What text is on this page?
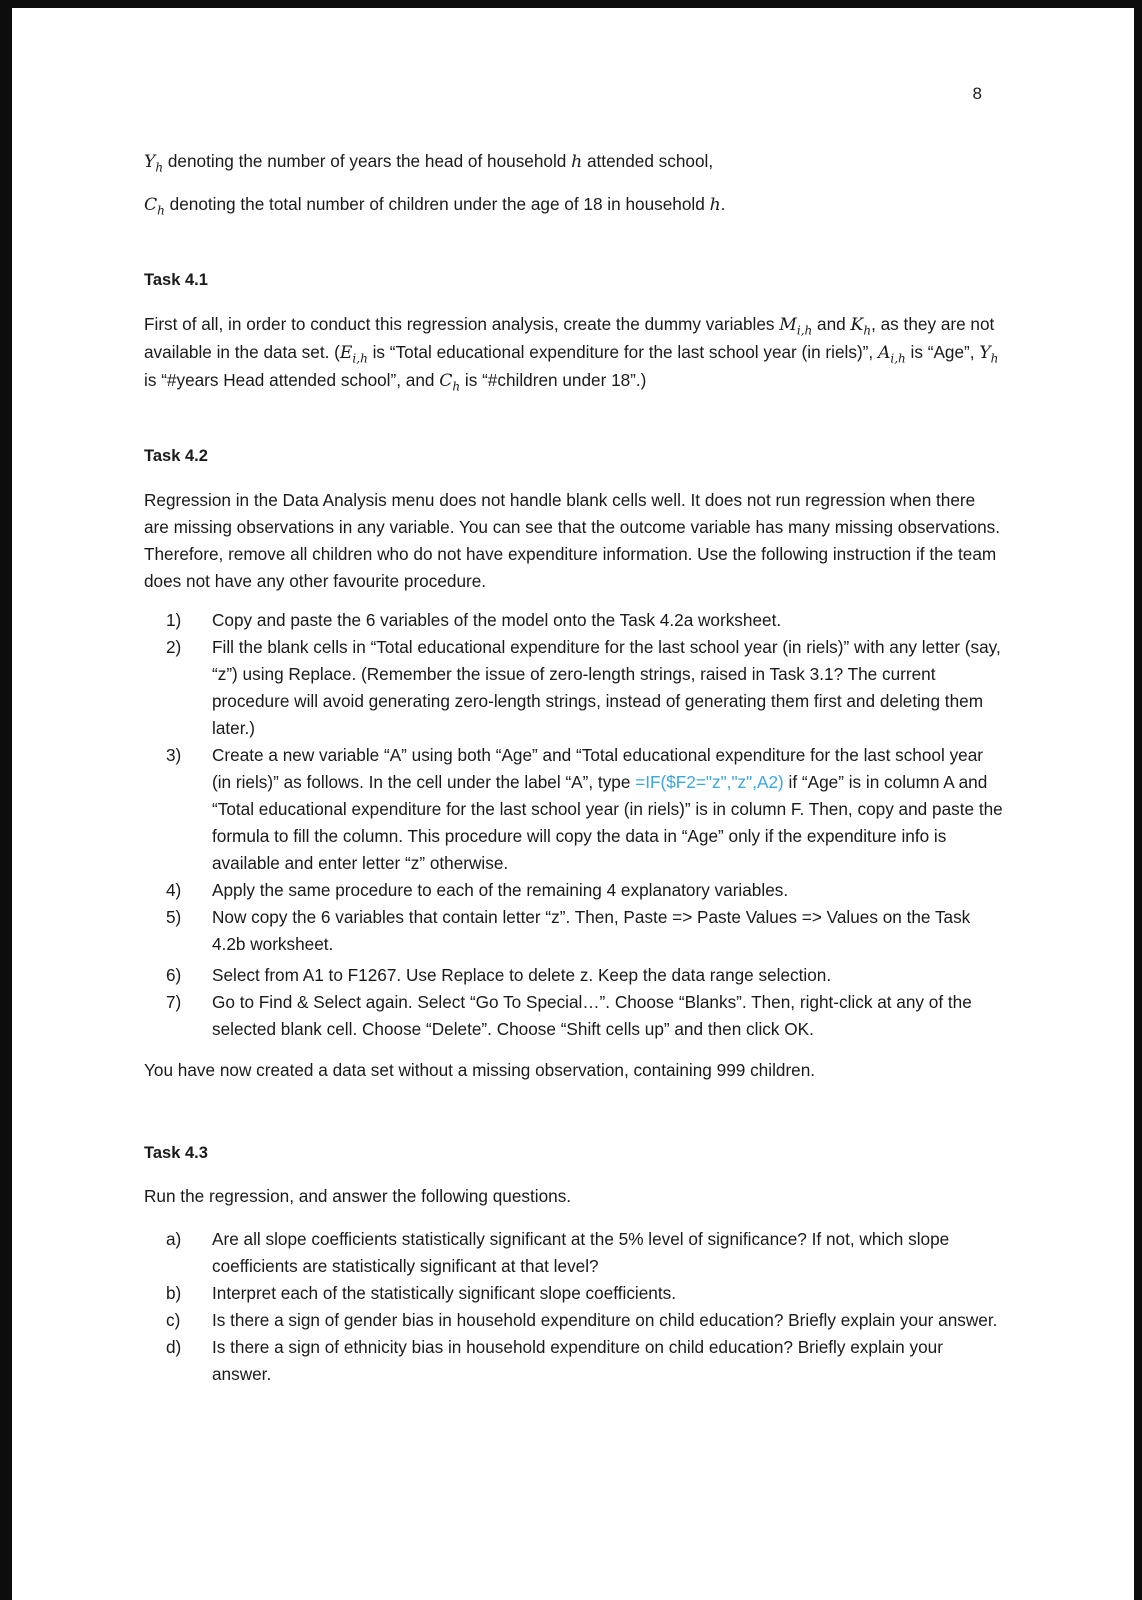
8

$Y_h$ denoting the number of years the head of household h attended school,

$C_h$ denoting the total number of children under the age of 18 in household h.

Task 4.1

First of all, in order to conduct this regression analysis, create the dummy variables $M_{i,h}$ and $K_h$, as they are not available in the data set. ($E_{i,h}$ is “Total educational expenditure for the last school year (in riels)”, $A_{i,h}$ is “Age”, $Y_h$ is “#years Head attended school”, and $C_h$ is “#children under 18”.)

Task 4.2

Regression in the Data Analysis menu does not handle blank cells well. It does not run regression when there are missing observations in any variable. You can see that the outcome variable has many missing observations. Therefore, remove all children who do not have expenditure information. Use the following instruction if the team does not have any other favourite procedure.

1) Copy and paste the 6 variables of the model onto the Task 4.2a worksheet.
2) Fill the blank cells in “Total educational expenditure for the last school year (in riels)” with any letter (say, “z”) using Replace. (Remember the issue of zero-length strings, raised in Task 3.1? The current procedure will avoid generating zero-length strings, instead of generating them first and deleting them later.)
3) Create a new variable “A” using both “Age” and “Total educational expenditure for the last school year (in riels)” as follows. In the cell under the label “A”, type =IF($F2="z","z",A2) if “Age” is in column A and “Total educational expenditure for the last school year (in riels)” is in column F. Then, copy and paste the formula to fill the column. This procedure will copy the data in “Age” only if the expenditure info is available and enter letter “z” otherwise.
4) Apply the same procedure to each of the remaining 4 explanatory variables.
5) Now copy the 6 variables that contain letter “z”. Then, Paste => Paste Values => Values on the Task 4.2b worksheet.
6) Select from A1 to F1267. Use Replace to delete z. Keep the data range selection.
7) Go to Find & Select again. Select “Go To Special…”. Choose “Blanks”. Then, right-click at any of the selected blank cell. Choose “Delete”. Choose “Shift cells up” and then click OK.

You have now created a data set without a missing observation, containing 999 children.

Task 4.3

Run the regression, and answer the following questions.

a) Are all slope coefficients statistically significant at the 5% level of significance? If not, which slope coefficients are statistically significant at that level?
b) Interpret each of the statistically significant slope coefficients.
c) Is there a sign of gender bias in household expenditure on child education? Briefly explain your answer.
d) Is there a sign of ethnicity bias in household expenditure on child education? Briefly explain your answer.
